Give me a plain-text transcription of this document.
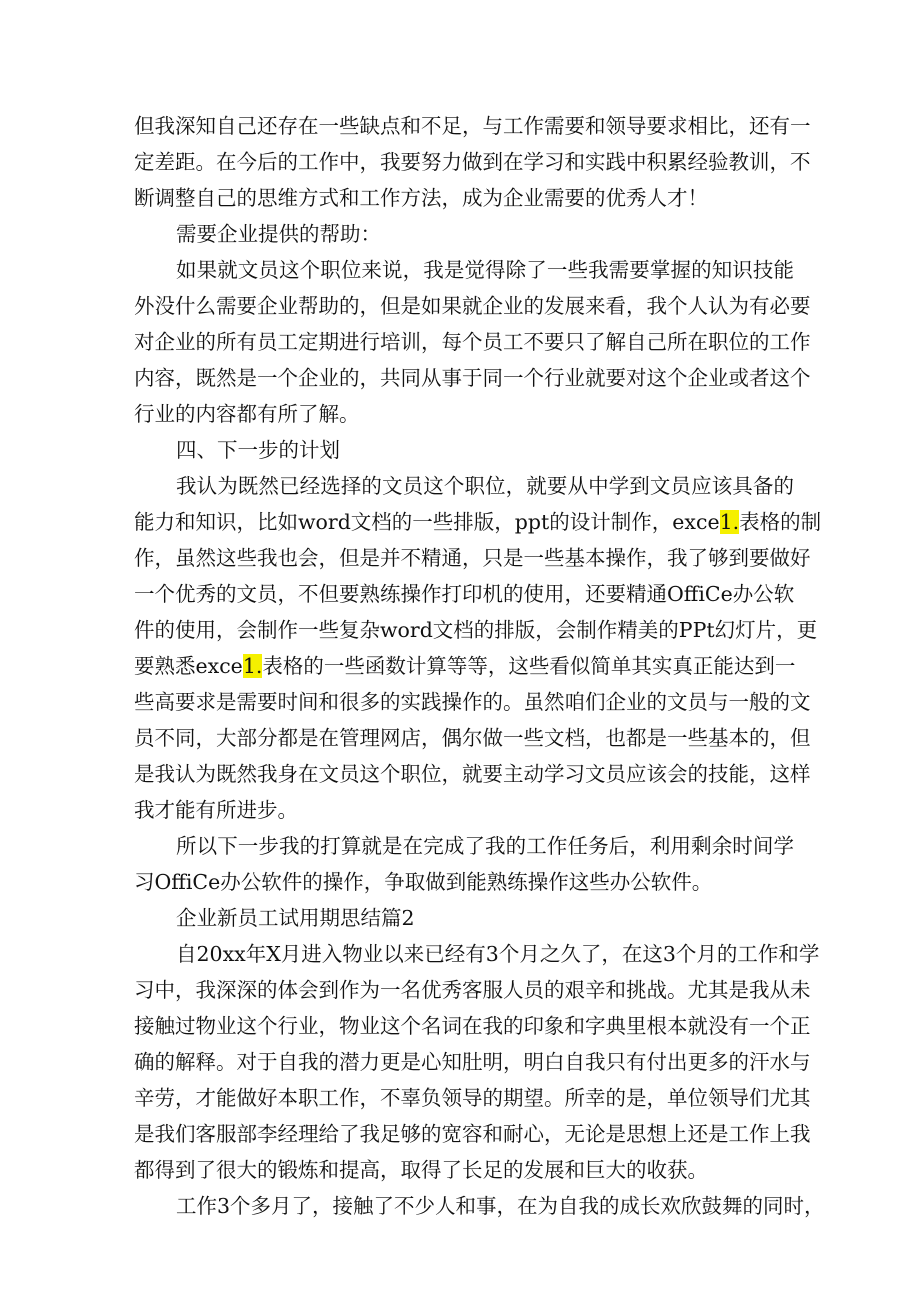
但我深知自己还存在一些缺点和不足，与工作需要和领导要求相比，还有一
定差距。在今后的工作中，我要努力做到在学习和实践中积累经验教训，不
断调整自己的思维方式和工作方法，成为企业需要的优秀人才！
需要企业提供的帮助：
如果就文员这个职位来说，我是觉得除了一些我需要掌握的知识技能
外没什么需要企业帮助的，但是如果就企业的发展来看，我个人认为有必要
对企业的所有员工定期进行培训，每个员工不要只了解自己所在职位的工作
内容，既然是一个企业的，共同从事于同一个行业就要对这个企业或者这个
行业的内容都有所了解。
四、下一步的计划
我认为既然已经选择的文员这个职位，就要从中学到文员应该具备的
能力和知识，比如word文档的一些排版，ppt的设计制作，exce1.表格的制
作，虽然这些我也会，但是并不精通，只是一些基本操作，我了够到要做好
一个优秀的文员，不但要熟练操作打印机的使用，还要精通OffiCe办公软
件的使用，会制作一些复杂word文档的排版，会制作精美的PPt幻灯片，更
要熟悉exce1.表格的一些函数计算等等，这些看似简单其实真正能达到一
些高要求是需要时间和很多的实践操作的。虽然咱们企业的文员与一般的文
员不同，大部分都是在管理网店，偶尔做一些文档，也都是一些基本的，但
是我认为既然我身在文员这个职位，就要主动学习文员应该会的技能，这样
我才能有所进步。
所以下一步我的打算就是在完成了我的工作任务后，利用剩余时间学
习OffiCe办公软件的操作，争取做到能熟练操作这些办公软件。
企业新员工试用期思结篇2
自20xx年X月进入物业以来已经有3个月之久了，在这3个月的工作和学
习中，我深深的体会到作为一名优秀客服人员的艰辛和挑战。尤其是我从未
接触过物业这个行业，物业这个名词在我的印象和字典里根本就没有一个正
确的解释。对于自我的潜力更是心知肚明，明白自我只有付出更多的汗水与
辛劳，才能做好本职工作，不辜负领导的期望。所幸的是，单位领导们尤其
是我们客服部李经理给了我足够的宽容和耐心，无论是思想上还是工作上我
都得到了很大的锻炼和提高，取得了长足的发展和巨大的收获。
工作3个多月了，接触了不少人和事，在为自我的成长欢欣鼓舞的同时，
